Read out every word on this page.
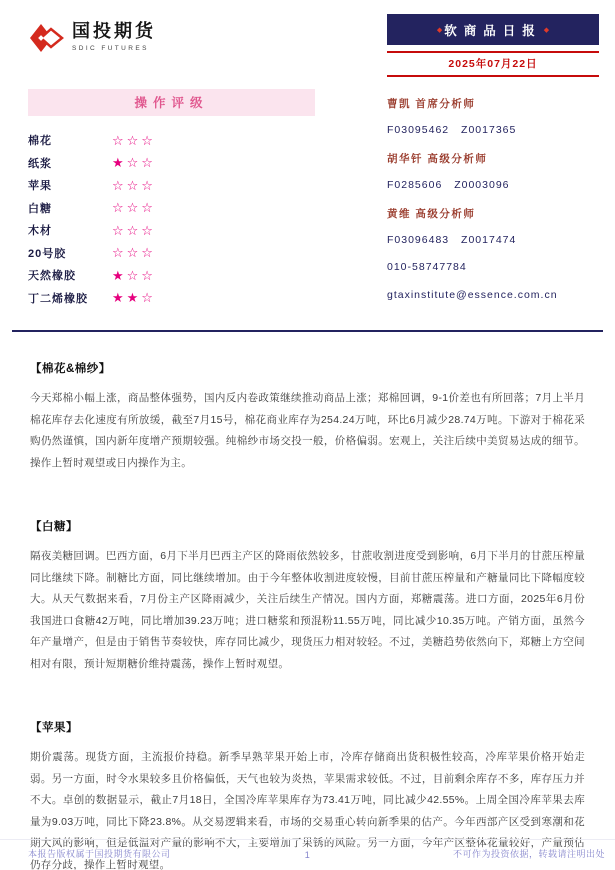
国投期货
SDIC FUTURES
◆ 软商品日报 ◆
2025年07月22日
操作评级
棉花	☆☆☆
纸浆	★☆☆
苹果	☆☆☆
白糖	☆☆☆
木材	☆☆☆
20号胶	☆☆☆
天然橡胶	★☆☆
丁二烯橡胶	★★☆
曹凯 首席分析师
F03095462 Z0017365
胡华钎 高级分析师
F0285606 Z0003096
黄维 高级分析师
F03096483 Z0017474
010-58747784
gtaxinstitute@essence.com.cn
【棉花&棉纱】
今天郑棉小幅上涨，商品整体强势，国内反内卷政策继续推动商品上涨；郑棉回调，9-1价差也有所回落；7月上半月棉花库存去化速度有所放缓，截至7月15号，棉花商业库存为254.24万吨，环比6月减少28.74万吨。下游对于棉花采购仍然谨慎，国内新年度增产预期较强。纯棉纱市场交投一般，价格偏弱。宏观上，关注后续中美贸易达成的细节。操作上暂时观望或日内操作为主。
【白糖】
隔夜美糖回调。巴西方面，6月下半月巴西主产区的降雨依然较多，甘蔗收割进度受到影响，6月下半月的甘蔗压榨量同比继续下降。制糖比方面，同比继续增加。由于今年整体收割进度较慢，目前甘蔗压榨量和产糖量同比下降幅度较大。从天气数据来看，7月份主产区降雨减少，关注后续生产情况。国内方面，郑糖震荡。进口方面，2025年6月份我国进口食糖42万吨，同比增加39.23万吨；进口糖浆和预混粉11.55万吨，同比减少10.35万吨。产销方面，虽然今年产量增产，但是由于销售节奏较快，库存同比减少，现货压力相对较轻。不过，美糖趋势依然向下，郑糖上方空间相对有限，预计短期糖价维持震荡，操作上暂时观望。
【苹果】
期价震荡。现货方面，主流报价持稳。新季早熟苹果开始上市，冷库存储商出货积极性较高，冷库苹果价格开始走弱。另一方面，时令水果较多且价格偏低，天气也较为炎热，苹果需求较低。不过，目前剩余库存不多，库存压力并不大。卓创的数据显示，截止7月18日，全国冷库苹果库存为73.41万吨，同比减少42.55%。上周全国冷库苹果去库量为9.03万吨，同比下降23.8%。从交易逻辑来看，市场的交易重心转向新季果的估产。今年西部产区受到寒潮和花期大风的影响，但是低温对产量的影响不大，主要增加了果锈的风险。另一方面，今年产区整体花量较好，产量预估仍存分歧，操作上暂时观望。
本报告版权属于国投期货有限公司	1	不可作为投资依据，转载请注明出处
